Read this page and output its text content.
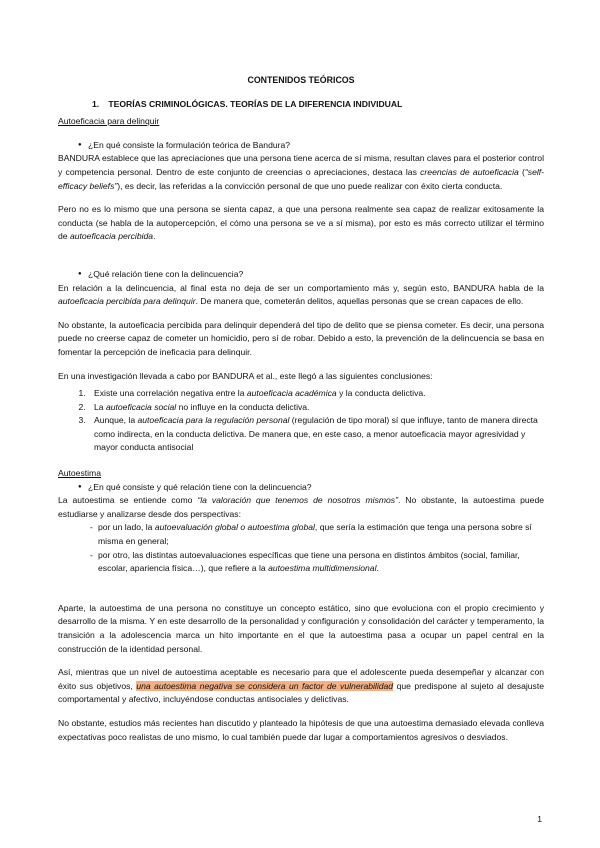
CONTENIDOS TEÓRICOS
1. TEORÍAS CRIMINOLÓGICAS. TEORÍAS DE LA DIFERENCIA INDIVIDUAL
Autoeficacia para delinquir
● ¿En qué consiste la formulación teórica de Bandura?

BANDURA establece que las apreciaciones que una persona tiene acerca de sí misma, resultan claves para el posterior control y competencia personal. Dentro de este conjunto de creencias o apreciaciones, destaca las creencias de autoeficacia (“self-efficacy beliefs”), es decir, las referidas a la convicción personal de que uno puede realizar con éxito cierta conducta.

Pero no es lo mismo que una persona se sienta capaz, a que una persona realmente sea capaz de realizar exitosamente la conducta (se habla de la autopercepción, el cómo una persona se ve a sí misma), por esto es más correcto utilizar el término de autoeficacia percibida.

● ¿Qué relación tiene con la delincuencia?

En relación a la delincuencia, al final esta no deja de ser un comportamiento más y, según esto, BANDURA habla de la autoeficacia percibida para delinquir. De manera que, cometerán delitos, aquellas personas que se crean capaces de ello.

No obstante, la autoeficacia percibida para delinquir dependerá del tipo de delito que se piensa cometer. Es decir, una persona puede no creerse capaz de cometer un homicidio, pero sí de robar. Debido a esto, la prevención de la delincuencia se basa en fomentar la percepción de ineficacia para delinquir.

En una investigación llevada a cabo por BANDURA et al., este llegó a las siguientes conclusiones:

1. Existe una correlación negativa entre la autoeficacia académica y la conducta delictiva.
2. La autoeficacia social no influye en la conducta delictiva.
3. Aunque, la autoeficacia para la regulación personal (regulación de tipo moral) sí que influye, tanto de manera directa como indirecta, en la conducta delictiva. De manera que, en este caso, a menor autoeficacia mayor agresividad y mayor conducta antisocial
Autoestima
● ¿En qué consiste y qué relación tiene con la delincuencia?

La autoestima se entiende como “la valoración que tenemos de nosotros mismos”. No obstante, la autoestima puede estudiarse y analizarse desde dos perspectivas:

- por un lado, la autoevaluación global o autoestima global, que sería la estimación que tenga una persona sobre sí misma en general;
- por otro, las distintas autoevaluaciones específicas que tiene una persona en distintos ámbitos (social, familiar, escolar, apariencia física…), que refiere a la autoestima multidimensional.

Aparte, la autoestima de una persona no constituye un concepto estático, sino que evoluciona con el propio crecimiento y desarrollo de la misma. Y en este desarrollo de la personalidad y configuración y consolidación del carácter y temperamento, la transición a la adolescencia marca un hito importante en el que la autoestima pasa a ocupar un papel central en la construcción de la identidad personal.

Así, mientras que un nivel de autoestima aceptable es necesario para que el adolescente pueda desempeñar y alcanzar con éxito sus objetivos, una autoestima negativa se considera un factor de vulnerabilidad que predispone al sujeto al desajuste comportamental y afectivo, incluyéndose conductas antisociales y delictivas.

No obstante, estudios más recientes han discutido y planteado la hipótesis de que una autoestima demasiado elevada conlleva expectativas poco realistas de uno mismo, lo cual también puede dar lugar a comportamientos agresivos o desviados.

1
